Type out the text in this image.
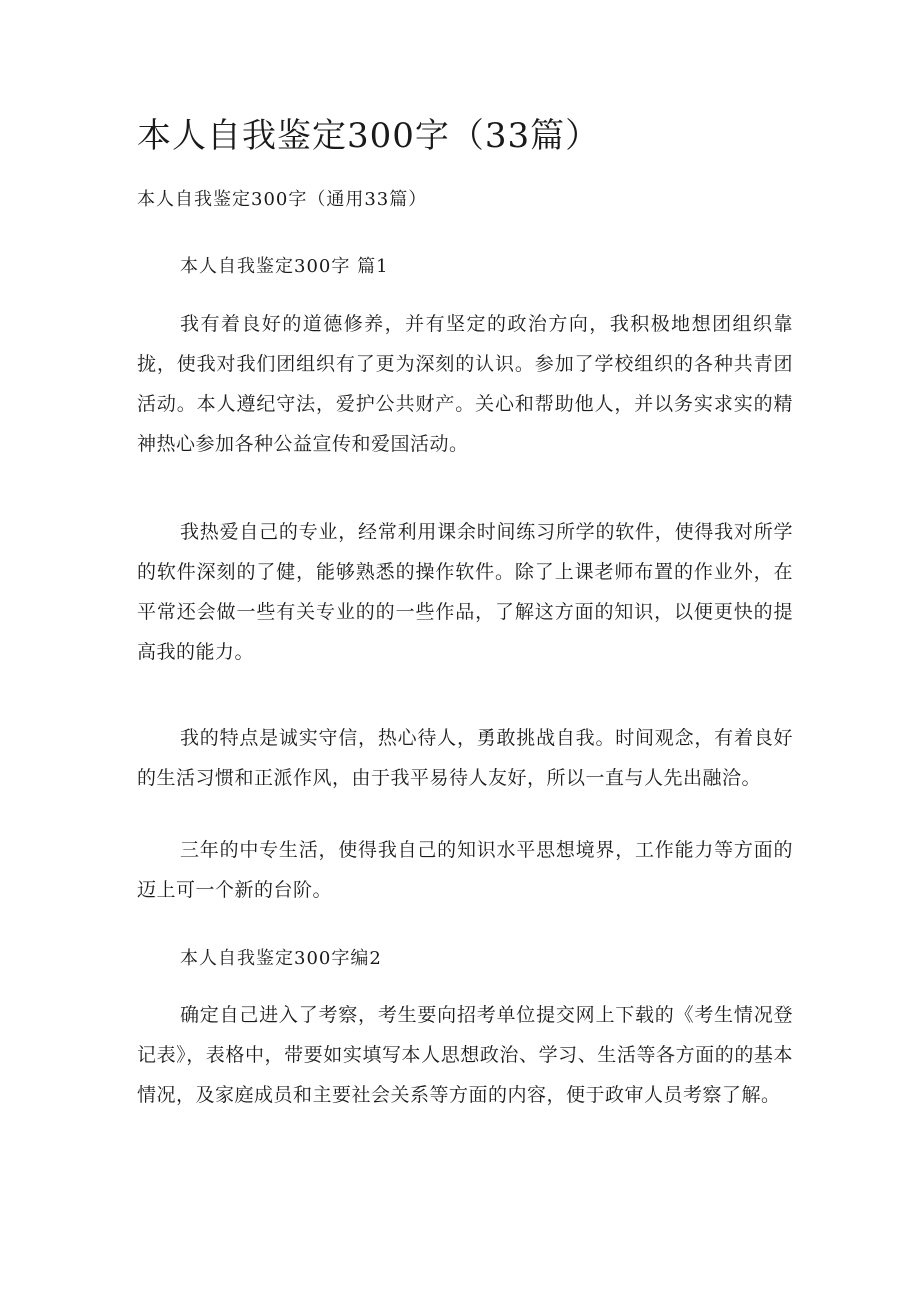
本人自我鉴定300字（33篇）

本人自我鉴定300字（通用33篇）

本人自我鉴定300字 篇1

我有着良好的道德修养，并有坚定的政治方向，我积极地想团组织靠拢，使我对我们团组织有了更为深刻的认识。参加了学校组织的各种共青团活动。本人遵纪守法，爱护公共财产。关心和帮助他人，并以务实求实的精神热心参加各种公益宣传和爱国活动。

我热爱自己的专业，经常利用课余时间练习所学的软件，使得我对所学的软件深刻的了健，能够熟悉的操作软件。除了上课老师布置的作业外，在平常还会做一些有关专业的的一些作品，了解这方面的知识，以便更快的提高我的能力。

我的特点是诚实守信，热心待人，勇敢挑战自我。时间观念，有着良好的生活习惯和正派作风，由于我平易待人友好，所以一直与人先出融洽。

三年的中专生活，使得我自己的知识水平思想境界，工作能力等方面的迈上可一个新的台阶。

本人自我鉴定300字编2

确定自己进入了考察，考生要向招考单位提交网上下载的《考生情况登记表》，表格中，带要如实填写本人思想政治、学习、生活等各方面的的基本情况，及家庭成员和主要社会关系等方面的内容，便于政审人员考察了解。
